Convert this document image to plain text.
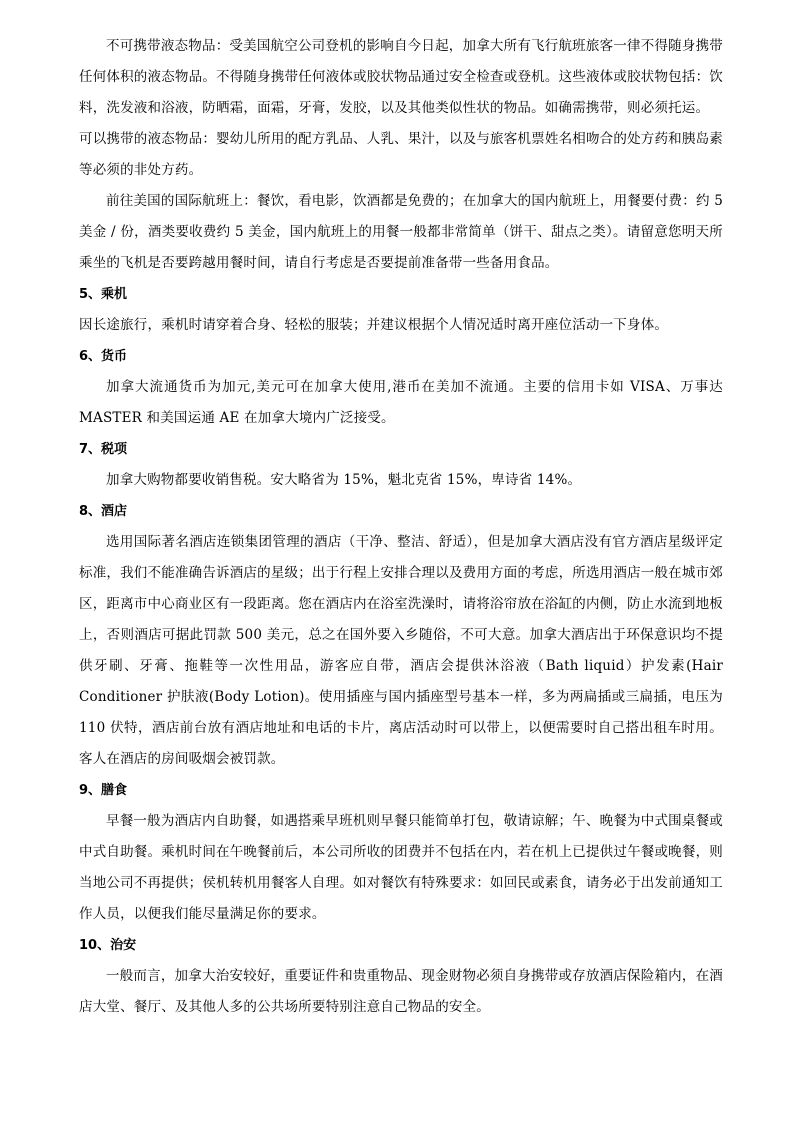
不可携带液态物品：受美国航空公司登机的影响自今日起，加拿大所有飞行航班旅客一律不得随身携带任何体积的液态物品。不得随身携带任何液体或胶状物品通过安全检查或登机。这些液体或胶状物包括：饮料，洗发液和浴液，防晒霜，面霜，牙膏，发胶，以及其他类似性状的物品。如确需携带，则必须托运。

可以携带的液态物品：婴幼儿所用的配方乳品、人乳、果汁，以及与旅客机票姓名相吻合的处方药和胰岛素等必须的非处方药。

前往美国的国际航班上：餐饮，看电影，饮酒都是免费的；在加拿大的国内航班上，用餐要付费：约 5 美金 / 份，酒类要收费约 5 美金，国内航班上的用餐一般都非常简单（饼干、甜点之类）。请留意您明天所乘坐的飞机是否要跨越用餐时间，请自行考虑是否要提前准备带一些备用食品。

5、乘机

因长途旅行，乘机时请穿着合身、轻松的服装；并建议根据个人情况适时离开座位活动一下身体。

6、货币

加拿大流通货币为加元,美元可在加拿大使用,港币在美加不流通。主要的信用卡如 VISA、万事达 MASTER 和美国运通 AE 在加拿大境内广泛接受。

7、税项

加拿大购物都要收销售税。安大略省为 15%，魁北克省 15%，卑诗省 14%。

8、酒店

选用国际著名酒店连锁集团管理的酒店（干净、整洁、舒适），但是加拿大酒店没有官方酒店星级评定标准，我们不能准确告诉酒店的星级；出于行程上安排合理以及费用方面的考虑，所选用酒店一般在城市郊区，距离市中心商业区有一段距离。您在酒店内在浴室洗澡时，请将浴帘放在浴缸的内侧，防止水流到地板上，否则酒店可据此罚款 500 美元，总之在国外要入乡随俗，不可大意。加拿大酒店出于环保意识均不提供牙刷、牙膏、拖鞋等一次性用品，游客应自带，酒店会提供沐浴液（Bath liquid）护发素(Hair Conditioner 护肤液(Body Lotion)。使用插座与国内插座型号基本一样，多为两扁插或三扁插，电压为 110 伏特，酒店前台放有酒店地址和电话的卡片，离店活动时可以带上，以便需要时自己搭出租车时用。客人在酒店的房间吸烟会被罚款。

9、膳食

早餐一般为酒店内自助餐，如遇搭乘早班机则早餐只能简单打包，敬请谅解；午、晚餐为中式围桌餐或中式自助餐。乘机时间在午晚餐前后，本公司所收的团费并不包括在内，若在机上已提供过午餐或晚餐，则当地公司不再提供；侯机转机用餐客人自理。如对餐饮有特殊要求：如回民或素食，请务必于出发前通知工作人员，以便我们能尽量满足你的要求。

10、治安

一般而言，加拿大治安较好，重要证件和贵重物品、现金财物必须自身携带或存放酒店保险箱内，在酒店大堂、餐厅、及其他人多的公共场所要特别注意自己物品的安全。
